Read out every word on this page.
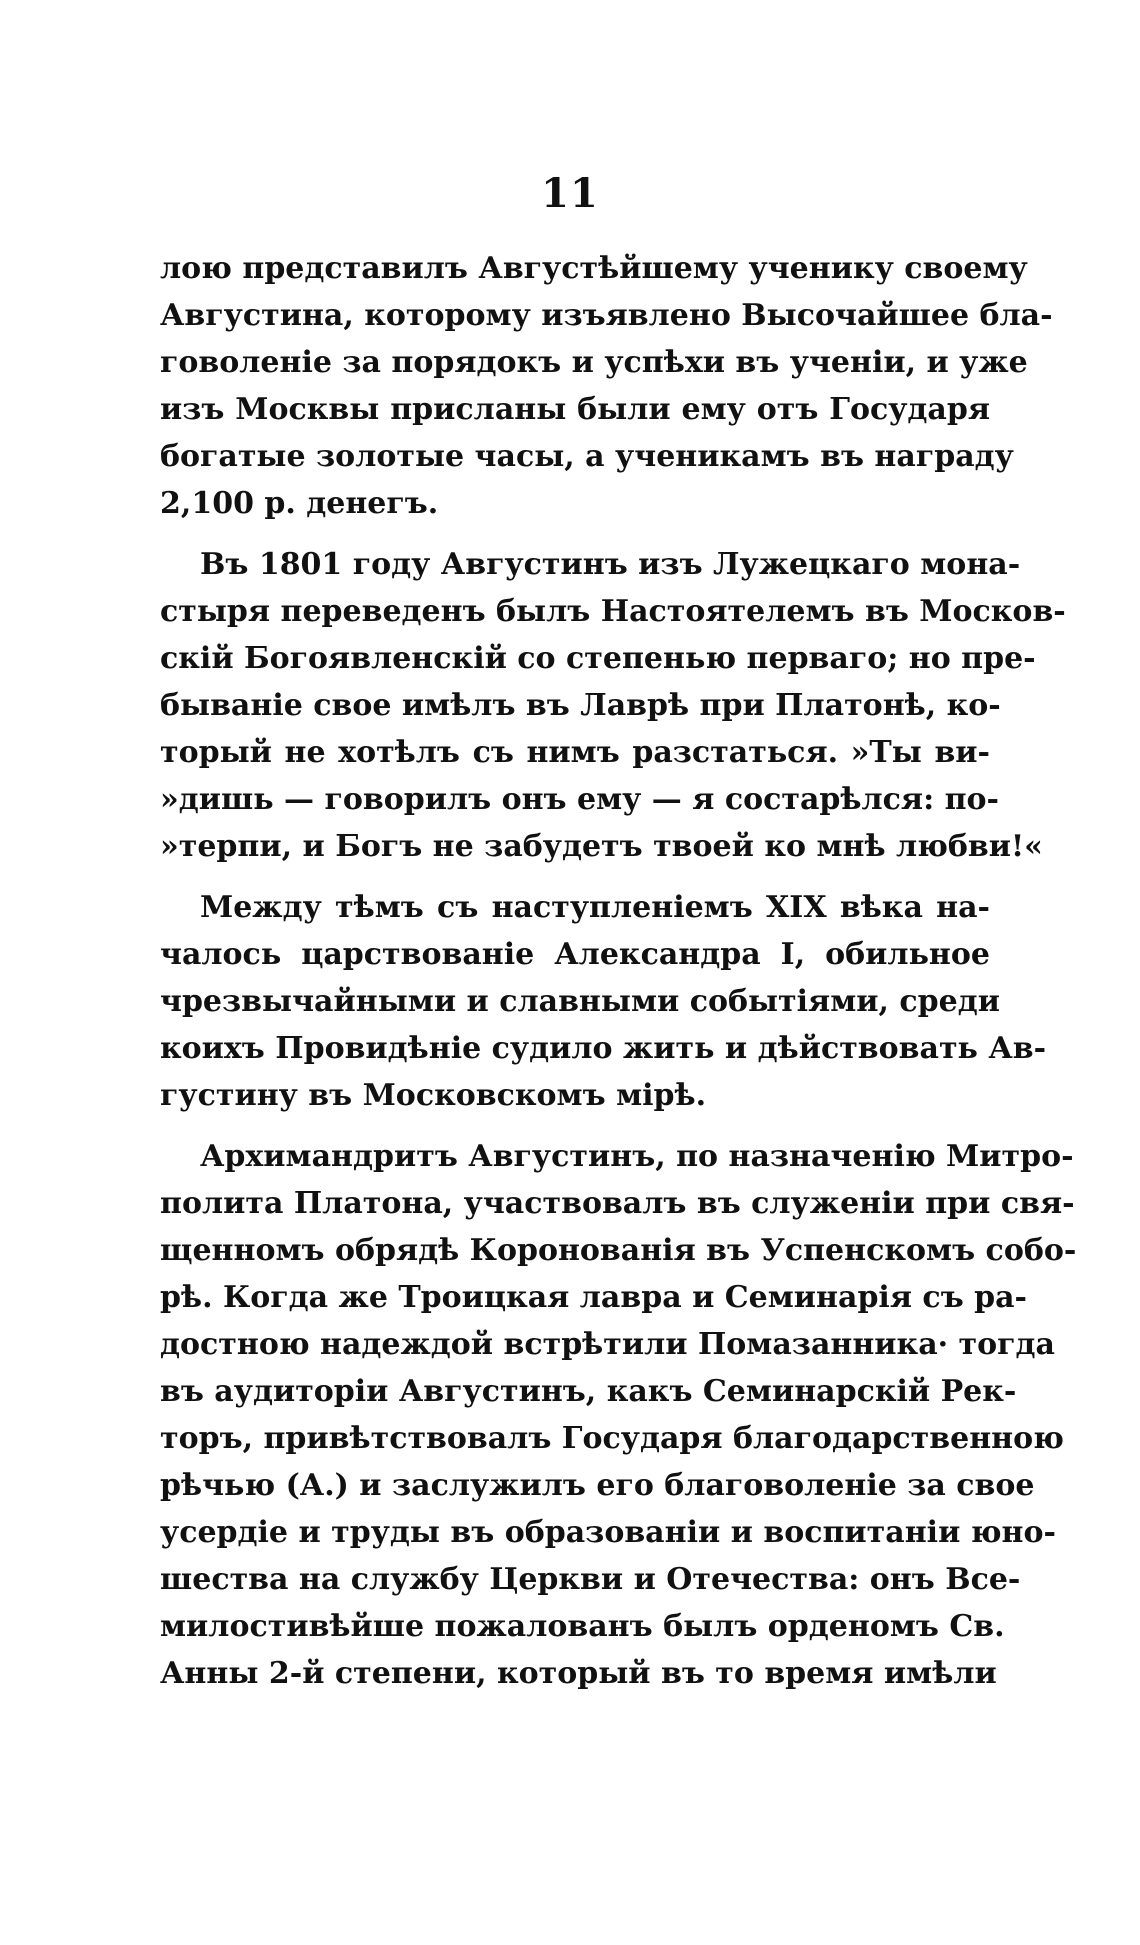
11
лою представилъ Августѣйшему ученику своему
Августина, которому изъявлено Высочайшее бла-
говоленіе за порядокъ и успѣхи въ ученіи, и уже
изъ Москвы присланы были ему отъ Государя
богатые золотые часы, а ученикамъ въ награду
2,100 р. денегъ.
Въ 1801 году Августинъ изъ Лужецкаго мона-
стыря переведенъ былъ Настоятелемъ въ Москов-
скій Богоявленскій со степенью перваго; но пре-
бываніе свое имѣлъ въ Лаврѣ при Платонѣ, ко-
торый не хотѣлъ съ нимъ разстаться. »Ты ви-
»дишь — говорилъ онъ ему — я состарѣлся: по-
»терпи, и Богъ не забудетъ твоей ко мнѣ любви!«
Между тѣмъ съ наступленіемъ XIX вѣка на-
чалось царствованіе Александра I, обильное
чрезвычайными и славными событіями, среди
коихъ Провидѣніе судило жить и дѣйствовать Ав-
густину въ Московскомъ мірѣ.
Архимандритъ Августинъ, по назначенію Митро-
полита Платона, участвовалъ въ служеніи при свя-
щенномъ обрядѣ Коронованія въ Успенскомъ собо-
рѣ. Когда же Троицкая лавра и Семинарія съ ра-
достною надеждой встрѣтили Помазанника· тогда
въ аудиторіи Августинъ, какъ Семинарскій Рек-
торъ, привѣтствовалъ Государя благодарственною
рѣчью (А.) и заслужилъ его благоволеніе за свое
усердіе и труды въ образованіи и воспитаніи юно-
шества на службу Церкви и Отечества: онъ Все-
милостивѣйше пожалованъ былъ орденомъ Св.
Анны 2-й степени, который въ то время имѣли
